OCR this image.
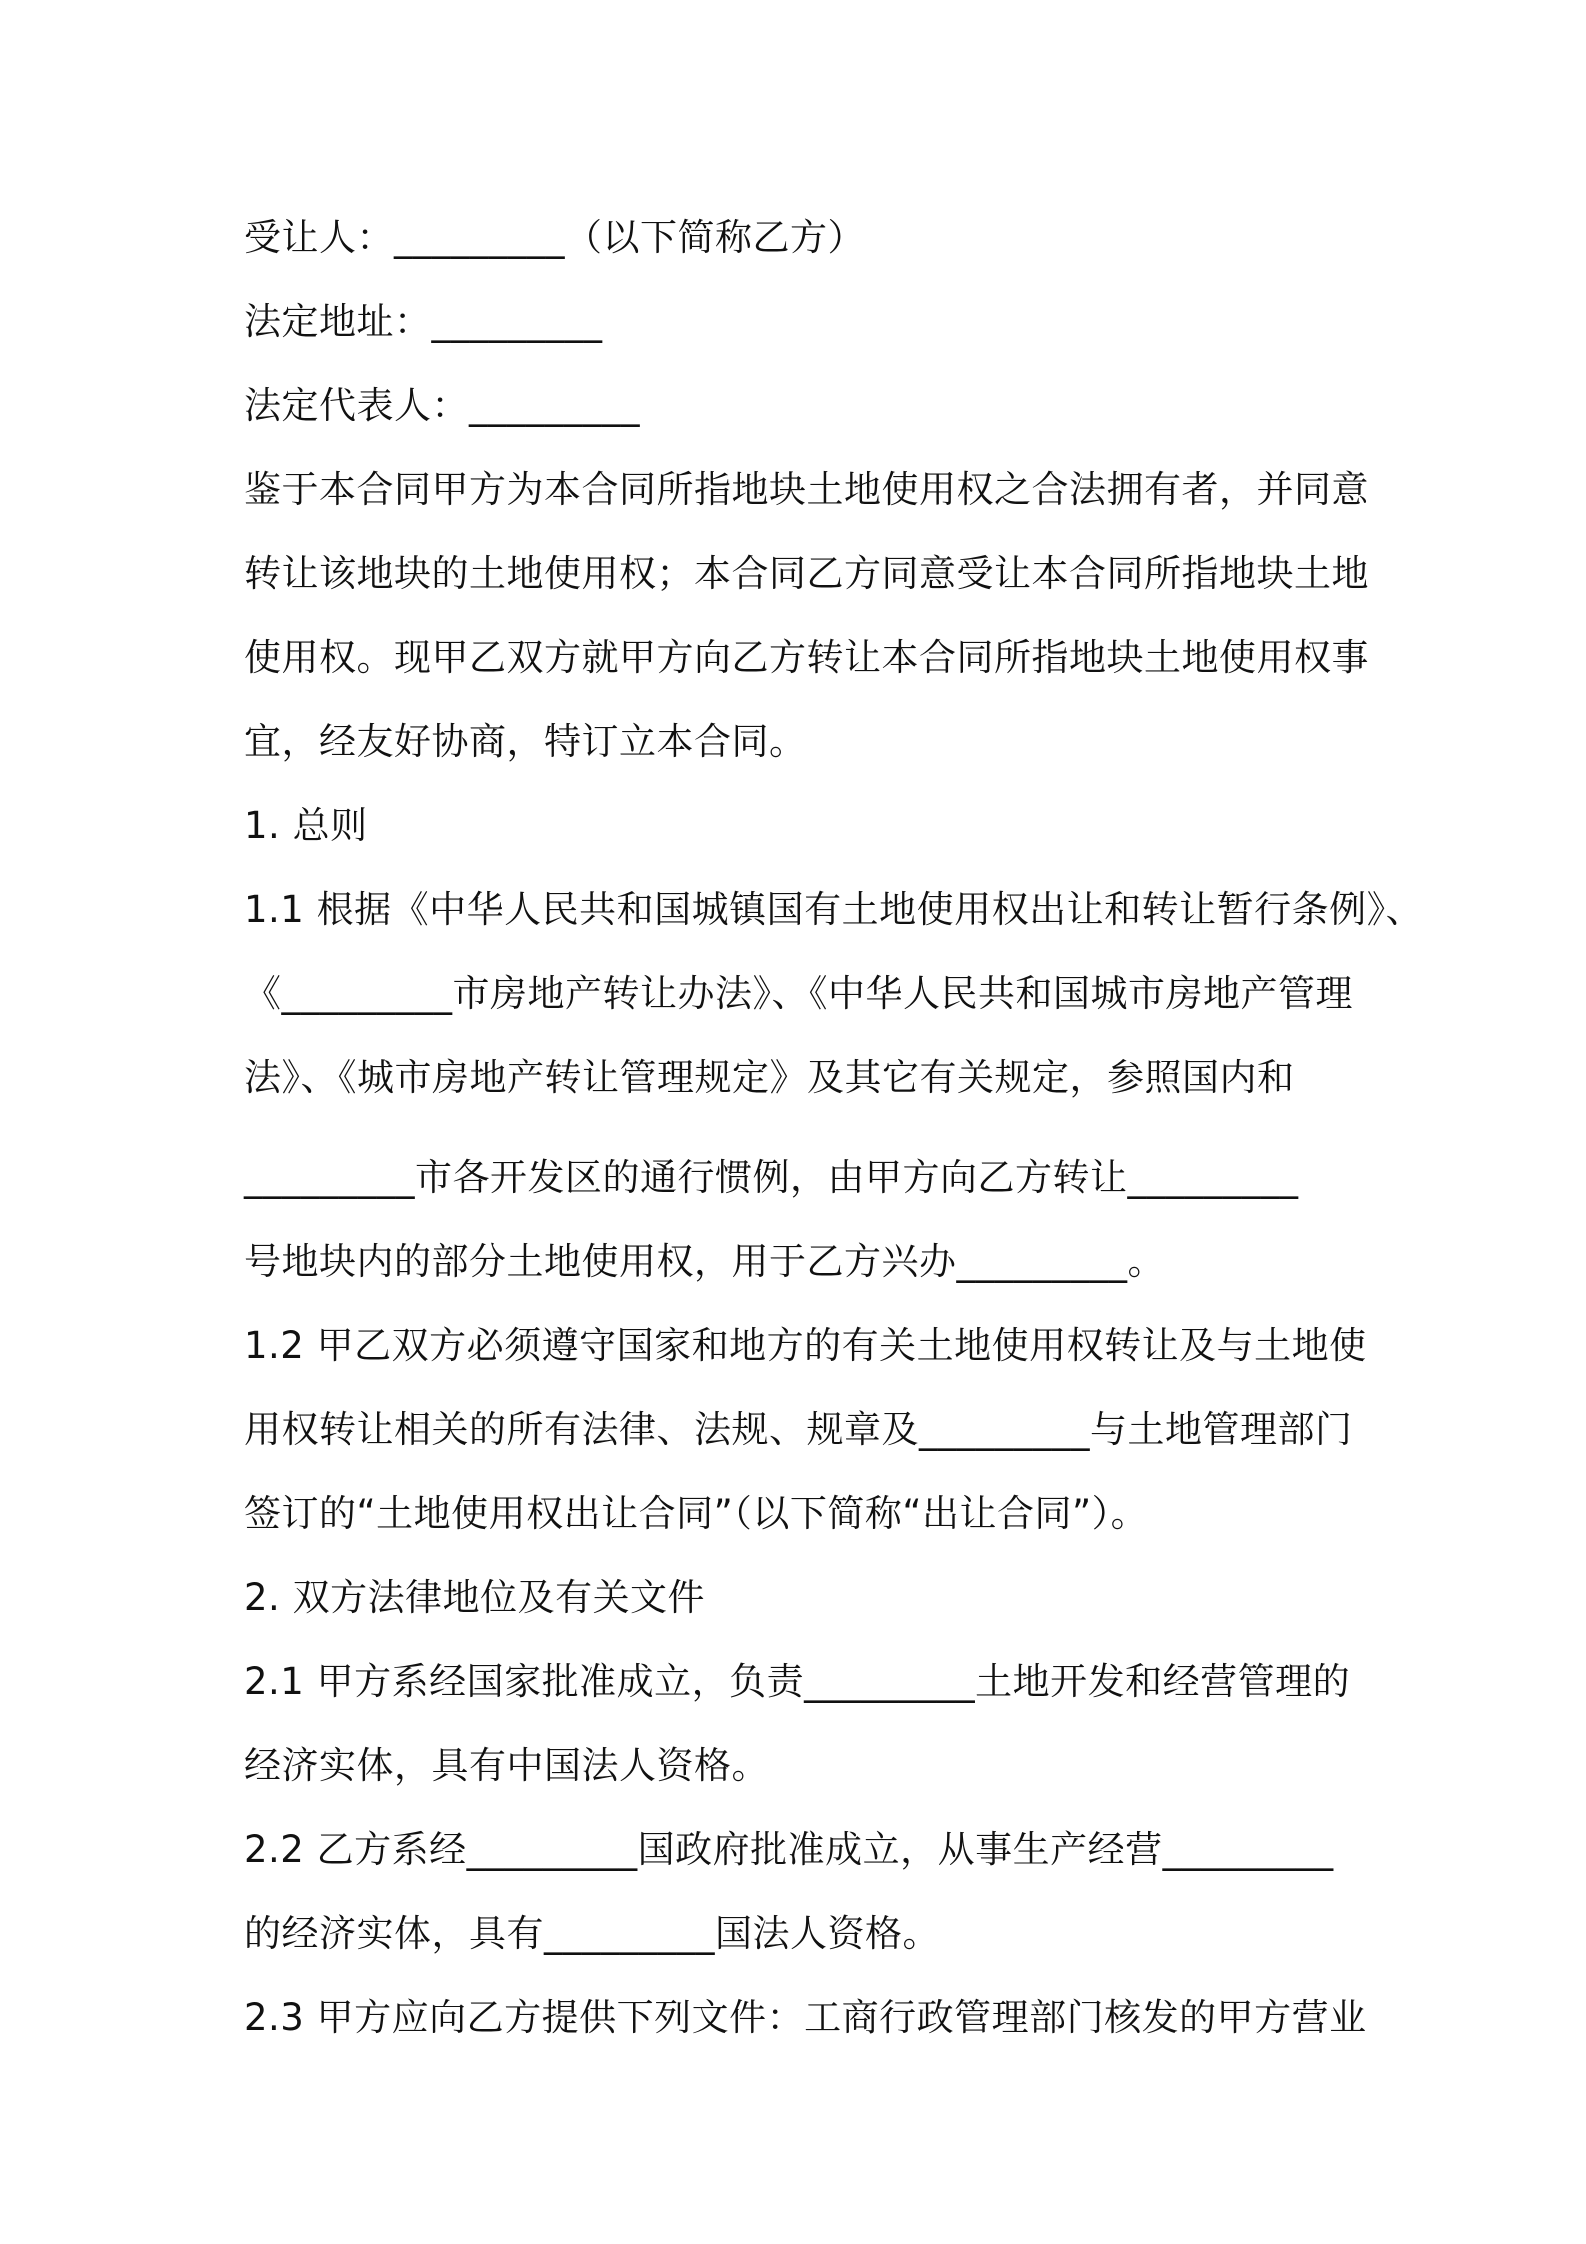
受让人：_________（以下简称乙方）
法定地址：_________
法定代表人：_________
鉴于本合同甲方为本合同所指地块土地使用权之合法拥有者，并同意
转让该地块的土地使用权；本合同乙方同意受让本合同所指地块土地
使用权。现甲乙双方就甲方向乙方转让本合同所指地块土地使用权事
宜，经友好协商，特订立本合同。
1. 总则
1.1 根据《中华人民共和国城镇国有土地使用权出让和转让暂行条例》、
《_________市房地产转让办法》、《中华人民共和国城市房地产管理
法》、《城市房地产转让管理规定》及其它有关规定，参照国内和
_________市各开发区的通行惯例，由甲方向乙方转让_________
号地块内的部分土地使用权，用于乙方兴办_________。
1.2 甲乙双方必须遵守国家和地方的有关土地使用权转让及与土地使
用权转让相关的所有法律、法规、规章及_________与土地管理部门
签订的“土地使用权出让合同”（以下简称“出让合同”）。
2. 双方法律地位及有关文件
2.1 甲方系经国家批准成立，负责_________土地开发和经营管理的
经济实体，具有中国法人资格。
2.2 乙方系经_________国政府批准成立，从事生产经营_________
的经济实体，具有_________国法人资格。
2.3 甲方应向乙方提供下列文件：工商行政管理部门核发的甲方营业
